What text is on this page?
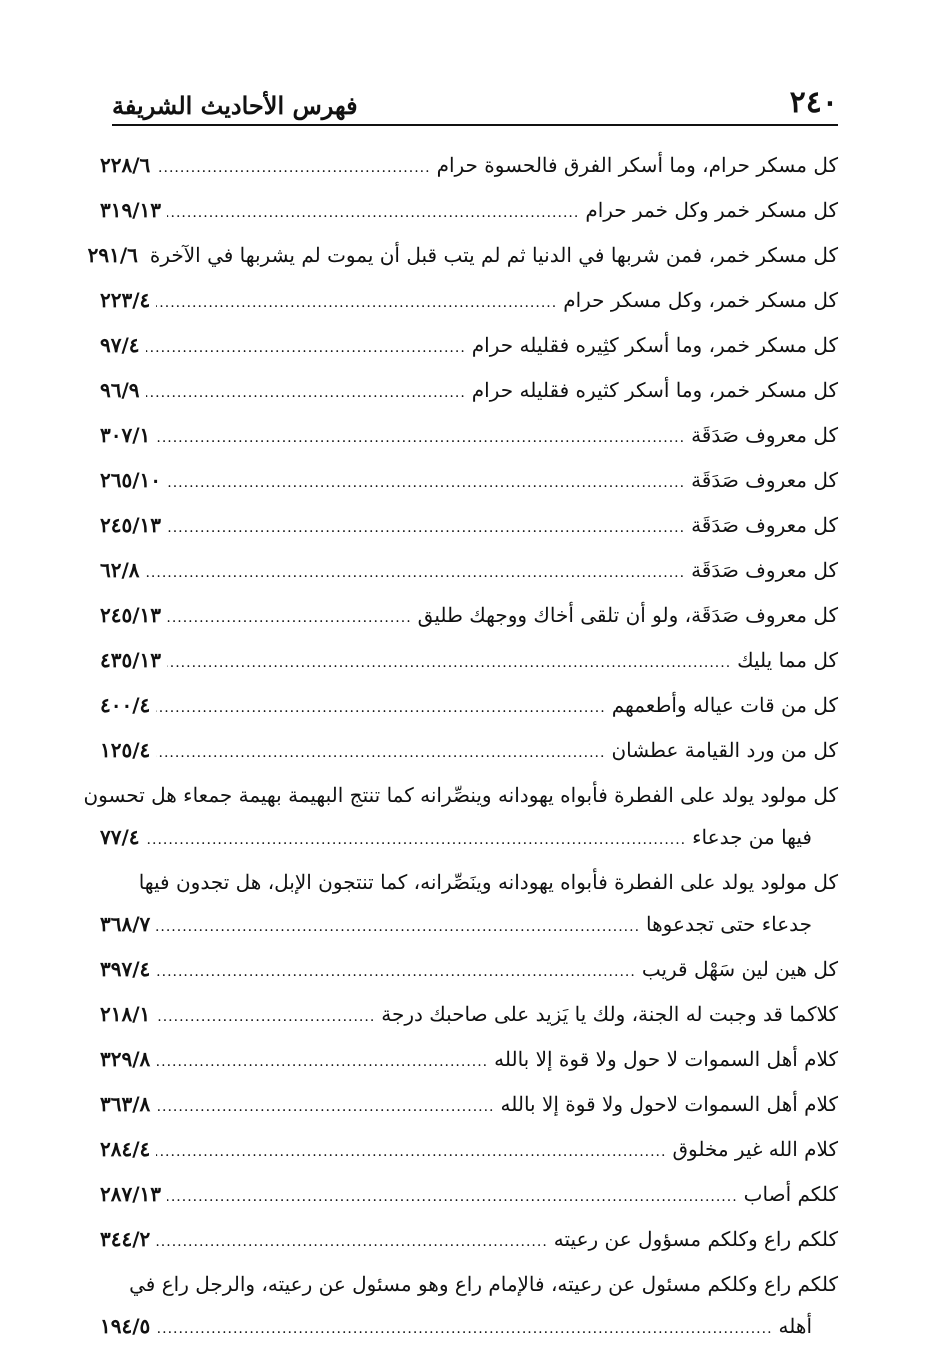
٢٤٠
فهرس الأحاديث الشريفة
كل مسكر حرام، وما أسكر الفرق فالحسوة حرام
.....
٢٢٨/٦
كل مسكر خمر وكل خمر حرام
.....
٣١٩/١٣
كل مسكر خمر، فمن شربها في الدنيا ثم لم يتب قبل أن يموت لم يشربها في الآخرة
٢٩١/٦
كل مسكر خمر، وكل مسكر حرام
.....
٢٢٣/٤
كل مسكر خمر، وما أسكر كثِيره فقليله حرام
.....
٩٧/٤
كل مسكر خمر، وما أسكر كثيره فقليله حرام
.....
٩٦/٩
كل معروف صَدَقَة
.....
٣٠٧/١
كل معروف صَدَقَة
.....
٢٦٥/١٠
كل معروف صَدَقَة
.....
٢٤٥/١٣
كل معروف صَدَقَة
.....
٦٢/٨
كل معروف صَدَقَة، ولو أن تلقى أخاك ووجهك طليق
.....
٢٤٥/١٣
كل مما يليك
.....
٤٣٥/١٣
كل من قات عياله وأطعمهم
.....
٤٠٠/٤
كل من ورد القيامة عطشان
.....
١٢٥/٤
كل مولود يولد على الفطرة فأبواه يهودانه وينصِّرانه كما تنتج البهيمة بهيمة جمعاء هل تحسون
فيها من جدعاء
.....
٧٧/٤
كل مولود يولد على الفطرة فأبواه يهودانه وينَصِّرانه، كما تنتجون الإبل، هل تجدون فيها
جدعاء حتى تجدعوها
.....
٣٦٨/٧
كل هين لين سَهْل قريب
.....
٣٩٧/٤
كلاكما قد وجبت له الجنة، ولك يا يَزيد على صاحبك درجة
.....
٢١٨/١
كلام أهل السموات لا حول ولا قوة إلا بالله
.....
٣٢٩/٨
كلام أهل السموات لاحول ولا قوة إلا بالله
.....
٣٦٣/٨
كلام الله غير مخلوق
.....
٢٨٤/٤
كلكم أصاب
.....
٢٨٧/١٣
كلكم راع وكلكم مسؤول عن رعيته
.....
٣٤٤/٢
كلكم راع وكلكم مسئول عن رعيته، فالإمام راع وهو مسئول عن رعيته، والرجل راع في
أهله
.....
١٩٤/٥
